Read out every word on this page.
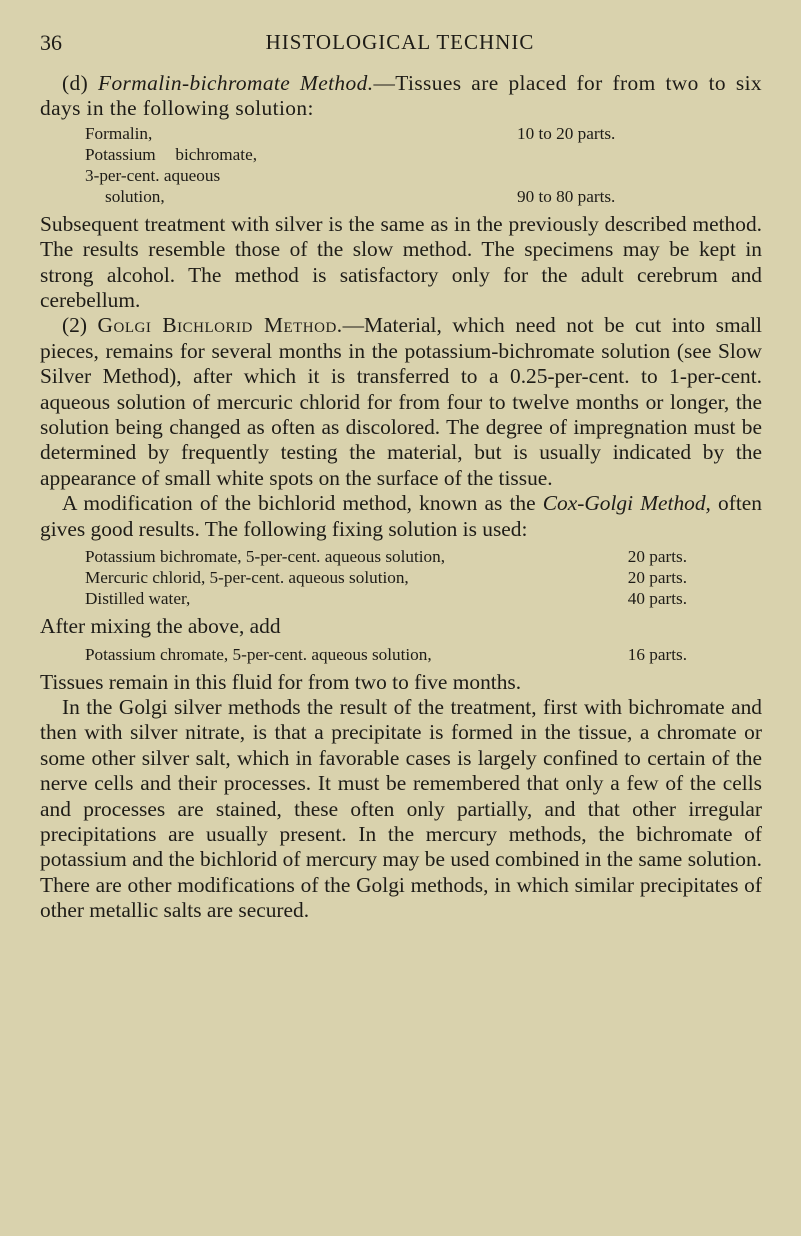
36	HISTOLOGICAL TECHNIC

(d) Formalin-bichromate Method.—Tissues are placed for from two to six days in the following solution:

Formalin,	10 to 20 parts.
Potassium bichromate, 3-per-cent. aqueous
solution,	90 to 80 parts.

Subsequent treatment with silver is the same as in the previously described method. The results resemble those of the slow method. The specimens may be kept in strong alcohol. The method is satisfactory only for the adult cerebrum and cerebellum.

(2) Golgi Bichlorid Method.—Material, which need not be cut into small pieces, remains for several months in the potassium-bichromate solution (see Slow Silver Method), after which it is transferred to a 0.25-per-cent. to 1-per-cent. aqueous solution of mercuric chlorid for from four to twelve months or longer, the solution being changed as often as discolored. The degree of impregnation must be determined by frequently testing the material, but is usually indicated by the appearance of small white spots on the surface of the tissue.

A modification of the bichlorid method, known as the Cox-Golgi Method, often gives good results. The following fixing solution is used:

Potassium bichromate, 5-per-cent. aqueous solution,	20 parts.
Mercuric chlorid, 5-per-cent. aqueous solution,	20 parts.
Distilled water,	40 parts.

After mixing the above, add

Potassium chromate, 5-per-cent. aqueous solution,	16 parts.

Tissues remain in this fluid for from two to five months.

In the Golgi silver methods the result of the treatment, first with bichromate and then with silver nitrate, is that a precipitate is formed in the tissue, a chromate or some other silver salt, which in favorable cases is largely confined to certain of the nerve cells and their processes. It must be remembered that only a few of the cells and processes are stained, these often only partially, and that other irregular precipitations are usually present. In the mercury methods, the bichromate of potassium and the bichlorid of mercury may be used combined in the same solution. There are other modifications of the Golgi methods, in which similar precipitates of other metallic salts are secured.
